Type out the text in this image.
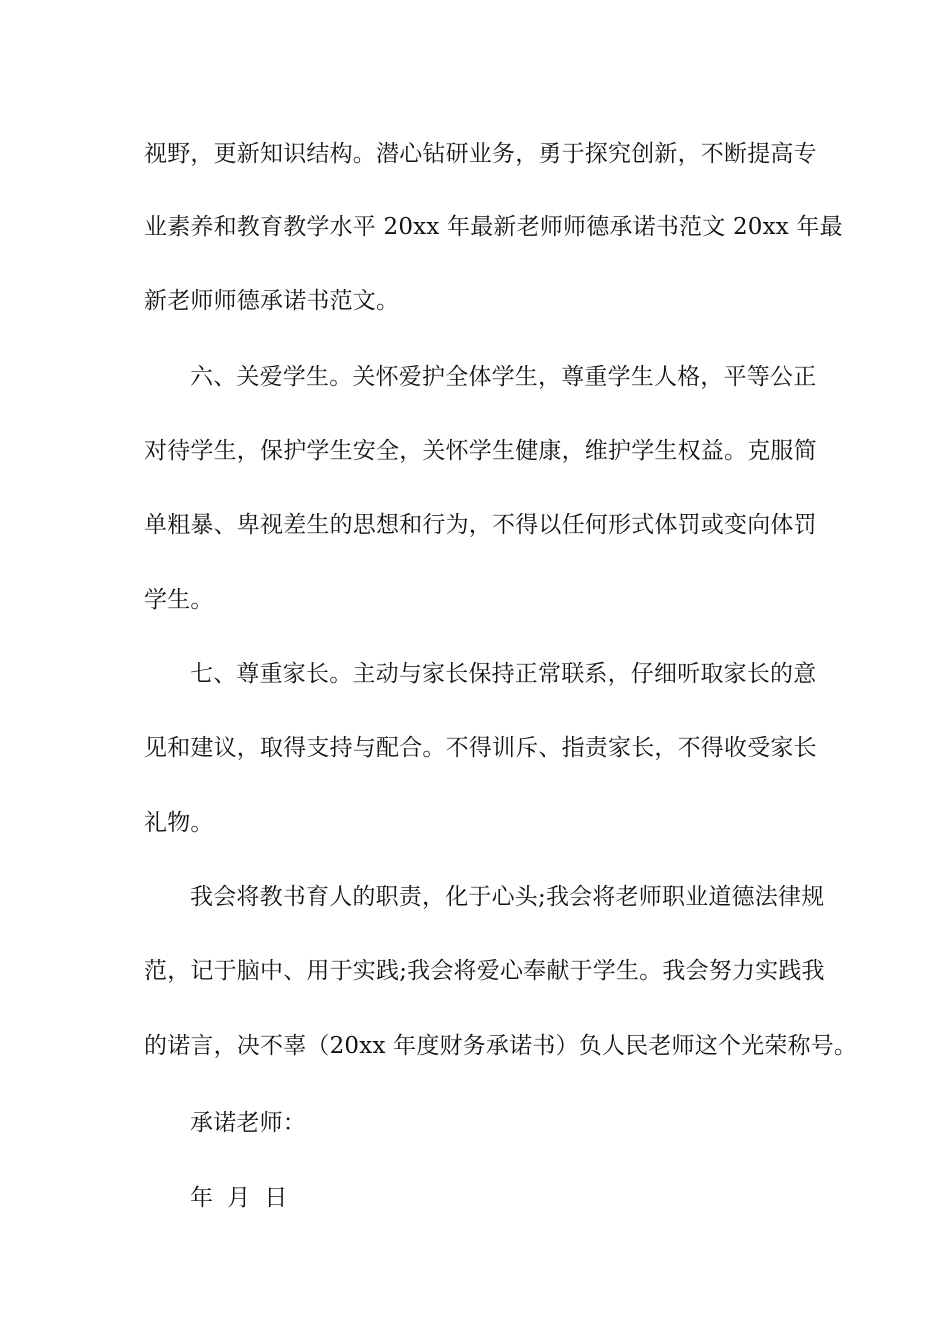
视野，更新知识结构。潜心钻研业务，勇于探究创新，不断提高专
业素养和教育教学水平 20xx 年最新老师师德承诺书范文 20xx 年最
新老师师德承诺书范文。
六、关爱学生。关怀爱护全体学生，尊重学生人格，平等公正
对待学生，保护学生安全，关怀学生健康，维护学生权益。克服简
单粗暴、卑视差生的思想和行为，不得以任何形式体罚或变向体罚
学生。
七、尊重家长。主动与家长保持正常联系，仔细听取家长的意
见和建议，取得支持与配合。不得训斥、指责家长，不得收受家长
礼物。
我会将教书育人的职责，化于心头;我会将老师职业道德法律规
范，记于脑中、用于实践;我会将爱心奉献于学生。我会努力实践我
的诺言，决不辜（20xx 年度财务承诺书）负人民老师这个光荣称号。
承诺老师：
年 月 日
